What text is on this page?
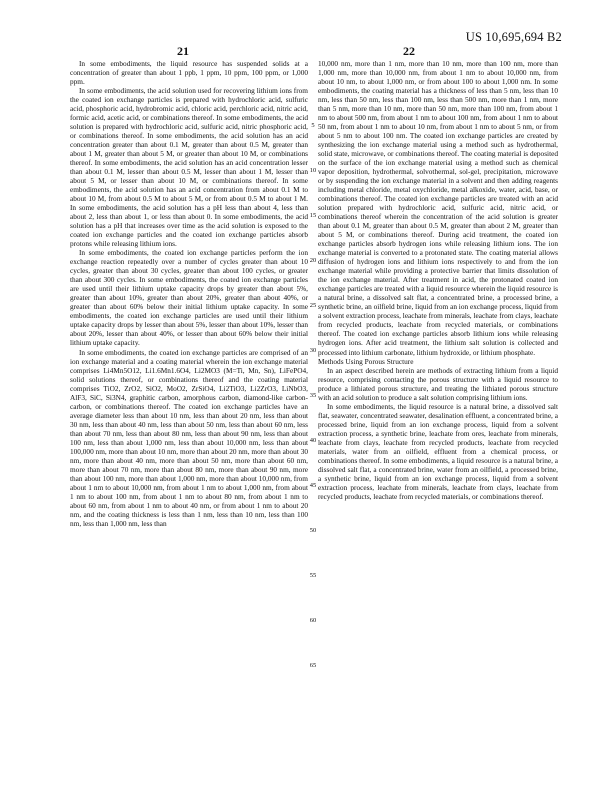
US 10,695,694 B2
21	22

In some embodiments, the liquid resource has suspended solids at a concentration of greater than about 1 ppb, 1 ppm, 10 ppm, 100 ppm, or 1,000 ppm.

In some embodiments, the acid solution used for recovering lithium ions from the coated ion exchange particles is prepared with hydrochloric acid, sulfuric acid, phosphoric acid, hydrobromic acid, chloric acid, perchloric acid, nitric acid, formic acid, acetic acid, or combinations thereof. In some embodiments, the acid solution is prepared with hydrochloric acid, sulfuric acid, nitric phosphoric acid, or combinations thereof. In some embodiments, the acid solution has an acid concentration greater than about 0.1 M, greater than about 0.5 M, greater than about 1 M, greater than about 5 M, or greater than about 10 M, or combinations thereof. In some embodiments, the acid solution has an acid concentration lesser than about 0.1 M, lesser than about 0.5 M, lesser than about 1 M, lesser than about 5 M, or lesser than about 10 M, or combinations thereof. In some embodiments, the acid solution has an acid concentration from about 0.1 M to about 10 M, from about 0.5 M to about 5 M, or from about 0.5 M to about 1 M. In some embodiments, the acid solution has a pH less than about 4, less than about 2, less than about 1, or less than about 0. In some embodiments, the acid solution has a pH that increases over time as the acid solution is exposed to the coated ion exchange particles and the coated ion exchange particles absorb protons while releasing lithium ions.

In some embodiments, the coated ion exchange particles perform the ion exchange reaction repeatedly over a number of cycles greater than about 10 cycles, greater than about 30 cycles, greater than about 100 cycles, or greater than about 300 cycles. In some embodiments, the coated ion exchange particles are used until their lithium uptake capacity drops by greater than about 5%, greater than about 10%, greater than about 20%, greater than about 40%, or greater than about 60% below their initial lithium uptake capacity. In some embodiments, the coated ion exchange particles are used until their lithium uptake capacity drops by lesser than about 5%, lesser than about 10%, lesser than about 20%, lesser than about 40%, or lesser than about 60% below their initial lithium uptake capacity.

In some embodiments, the coated ion exchange particles are comprised of an ion exchange material and a coating material wherein the ion exchange material comprises Li4Mn5O12, Li1.6Mn1.6O4, Li2MO3 (M=Ti, Mn, Sn), LiFePO4, solid solutions thereof, or combinations thereof and the coating material comprises TiO2, ZrO2, SiO2, MoO2, ZrSiO4, Li2TiO3, Li2ZrO3, LiNbO3, AlF3, SiC, Si3N4, graphitic carbon, amorphous carbon, diamond-like carbon-carbon, or combinations thereof. The coated ion exchange particles have an average diameter less than about 10 nm, less than about 20 nm, less than about 30 nm, less than about 40 nm, less than about 50 nm, less than about 60 nm, less than about 70 nm, less than about 80 nm, less than about 90 nm, less than about 100 nm, less than about 1,000 nm, less than about 10,000 nm, less than about 100,000 nm, more than about 10 nm, more than about 20 nm, more than about 30 nm, more than about 40 nm, more than about 50 nm, more than about 60 nm, more than about 70 nm, more than about 80 nm, more than about 90 nm, more than about 100 nm, more than about 1,000 nm, more than about 10,000 nm, from about 1 nm to about 10,000 nm, from about 1 nm to about 1,000 nm, from about 1 nm to about 100 nm, from about 1 nm to about 80 nm, from about 1 nm to about 60 nm, from about 1 nm to about 40 nm, or from about 1 nm to about 20 nm, and the coating thickness is less than 1 nm, less than 10 nm, less than 100 nm, less than 1,000 nm, less than

5
10
15
20
25
30
35
40
45
50
55
60
65

10,000 nm, more than 1 nm, more than 10 nm, more than 100 nm, more than 1,000 nm, more than 10,000 nm, from about 1 nm to about 10,000 nm, from about 10 nm, to about 1,000 nm, or from about 100 to about 1,000 nm. In some embodiments, the coating material has a thickness of less than 5 nm, less than 10 nm, less than 50 nm, less than 100 nm, less than 500 nm, more than 1 nm, more than 5 nm, more than 10 nm, more than 50 nm, more than 100 nm, from about 1 nm to about 500 nm, from about 1 nm to about 100 nm, from about 1 nm to about 50 nm, from about 1 nm to about 10 nm, from about 1 nm to about 5 nm, or from about 5 nm to about 100 nm. The coated ion exchange particles are created by synthesizing the ion exchange material using a method such as hydrothermal, solid state, microwave, or combinations thereof. The coating material is deposited on the surface of the ion exchange material using a method such as chemical vapor deposition, hydrothermal, solvothermal, sol-gel, precipitation, microwave or by suspending the ion exchange material in a solvent and then adding reagents including metal chloride, metal oxychloride, metal alkoxide, water, acid, base, or combinations thereof. The coated ion exchange particles are treated with an acid solution prepared with hydrochloric acid, sulfuric acid, nitric acid, or combinations thereof wherein the concentration of the acid solution is greater than about 0.1 M, greater than about 0.5 M, greater than about 2 M, greater than about 5 M, or combinations thereof. During acid treatment, the coated ion exchange particles absorb hydrogen ions while releasing lithium ions. The ion exchange material is converted to a protonated state. The coating material allows diffusion of hydrogen ions and lithium ions respectively to and from the ion exchange material while providing a protective barrier that limits dissolution of the ion exchange material. After treatment in acid, the protonated coated ion exchange particles are treated with a liquid resource wherein the liquid resource is a natural brine, a dissolved salt flat, a concentrated brine, a processed brine, a synthetic brine, an oilfield brine, liquid from an ion exchange process, liquid from a solvent extraction process, leachate from minerals, leachate from clays, leachate from recycled products, leachate from recycled materials, or combinations thereof. The coated ion exchange particles absorb lithium ions while releasing hydrogen ions. After acid treatment, the lithium salt solution is collected and processed into lithium carbonate, lithium hydroxide, or lithium phosphate.

Methods Using Porous Structure

In an aspect described herein are methods of extracting lithium from a liquid resource, comprising contacting the porous structure with a liquid resource to produce a lithiated porous structure, and treating the lithiated porous structure with an acid solution to produce a salt solution comprising lithium ions.

In some embodiments, the liquid resource is a natural brine, a dissolved salt flat, seawater, concentrated seawater, desalination effluent, a concentrated brine, a processed brine, liquid from an ion exchange process, liquid from a solvent extraction process, a synthetic brine, leachate from ores, leachate from minerals, leachate from clays, leachate from recycled products, leachate from recycled materials, water from an oilfield, effluent from a chemical process, or combinations thereof. In some embodiments, a liquid resource is a natural brine, a dissolved salt flat, a concentrated brine, water from an oilfield, a processed brine, a synthetic brine, liquid from an ion exchange process, liquid from a solvent extraction process, leachate from minerals, leachate from clays, leachate from recycled products, leachate from recycled materials, or combinations thereof.
